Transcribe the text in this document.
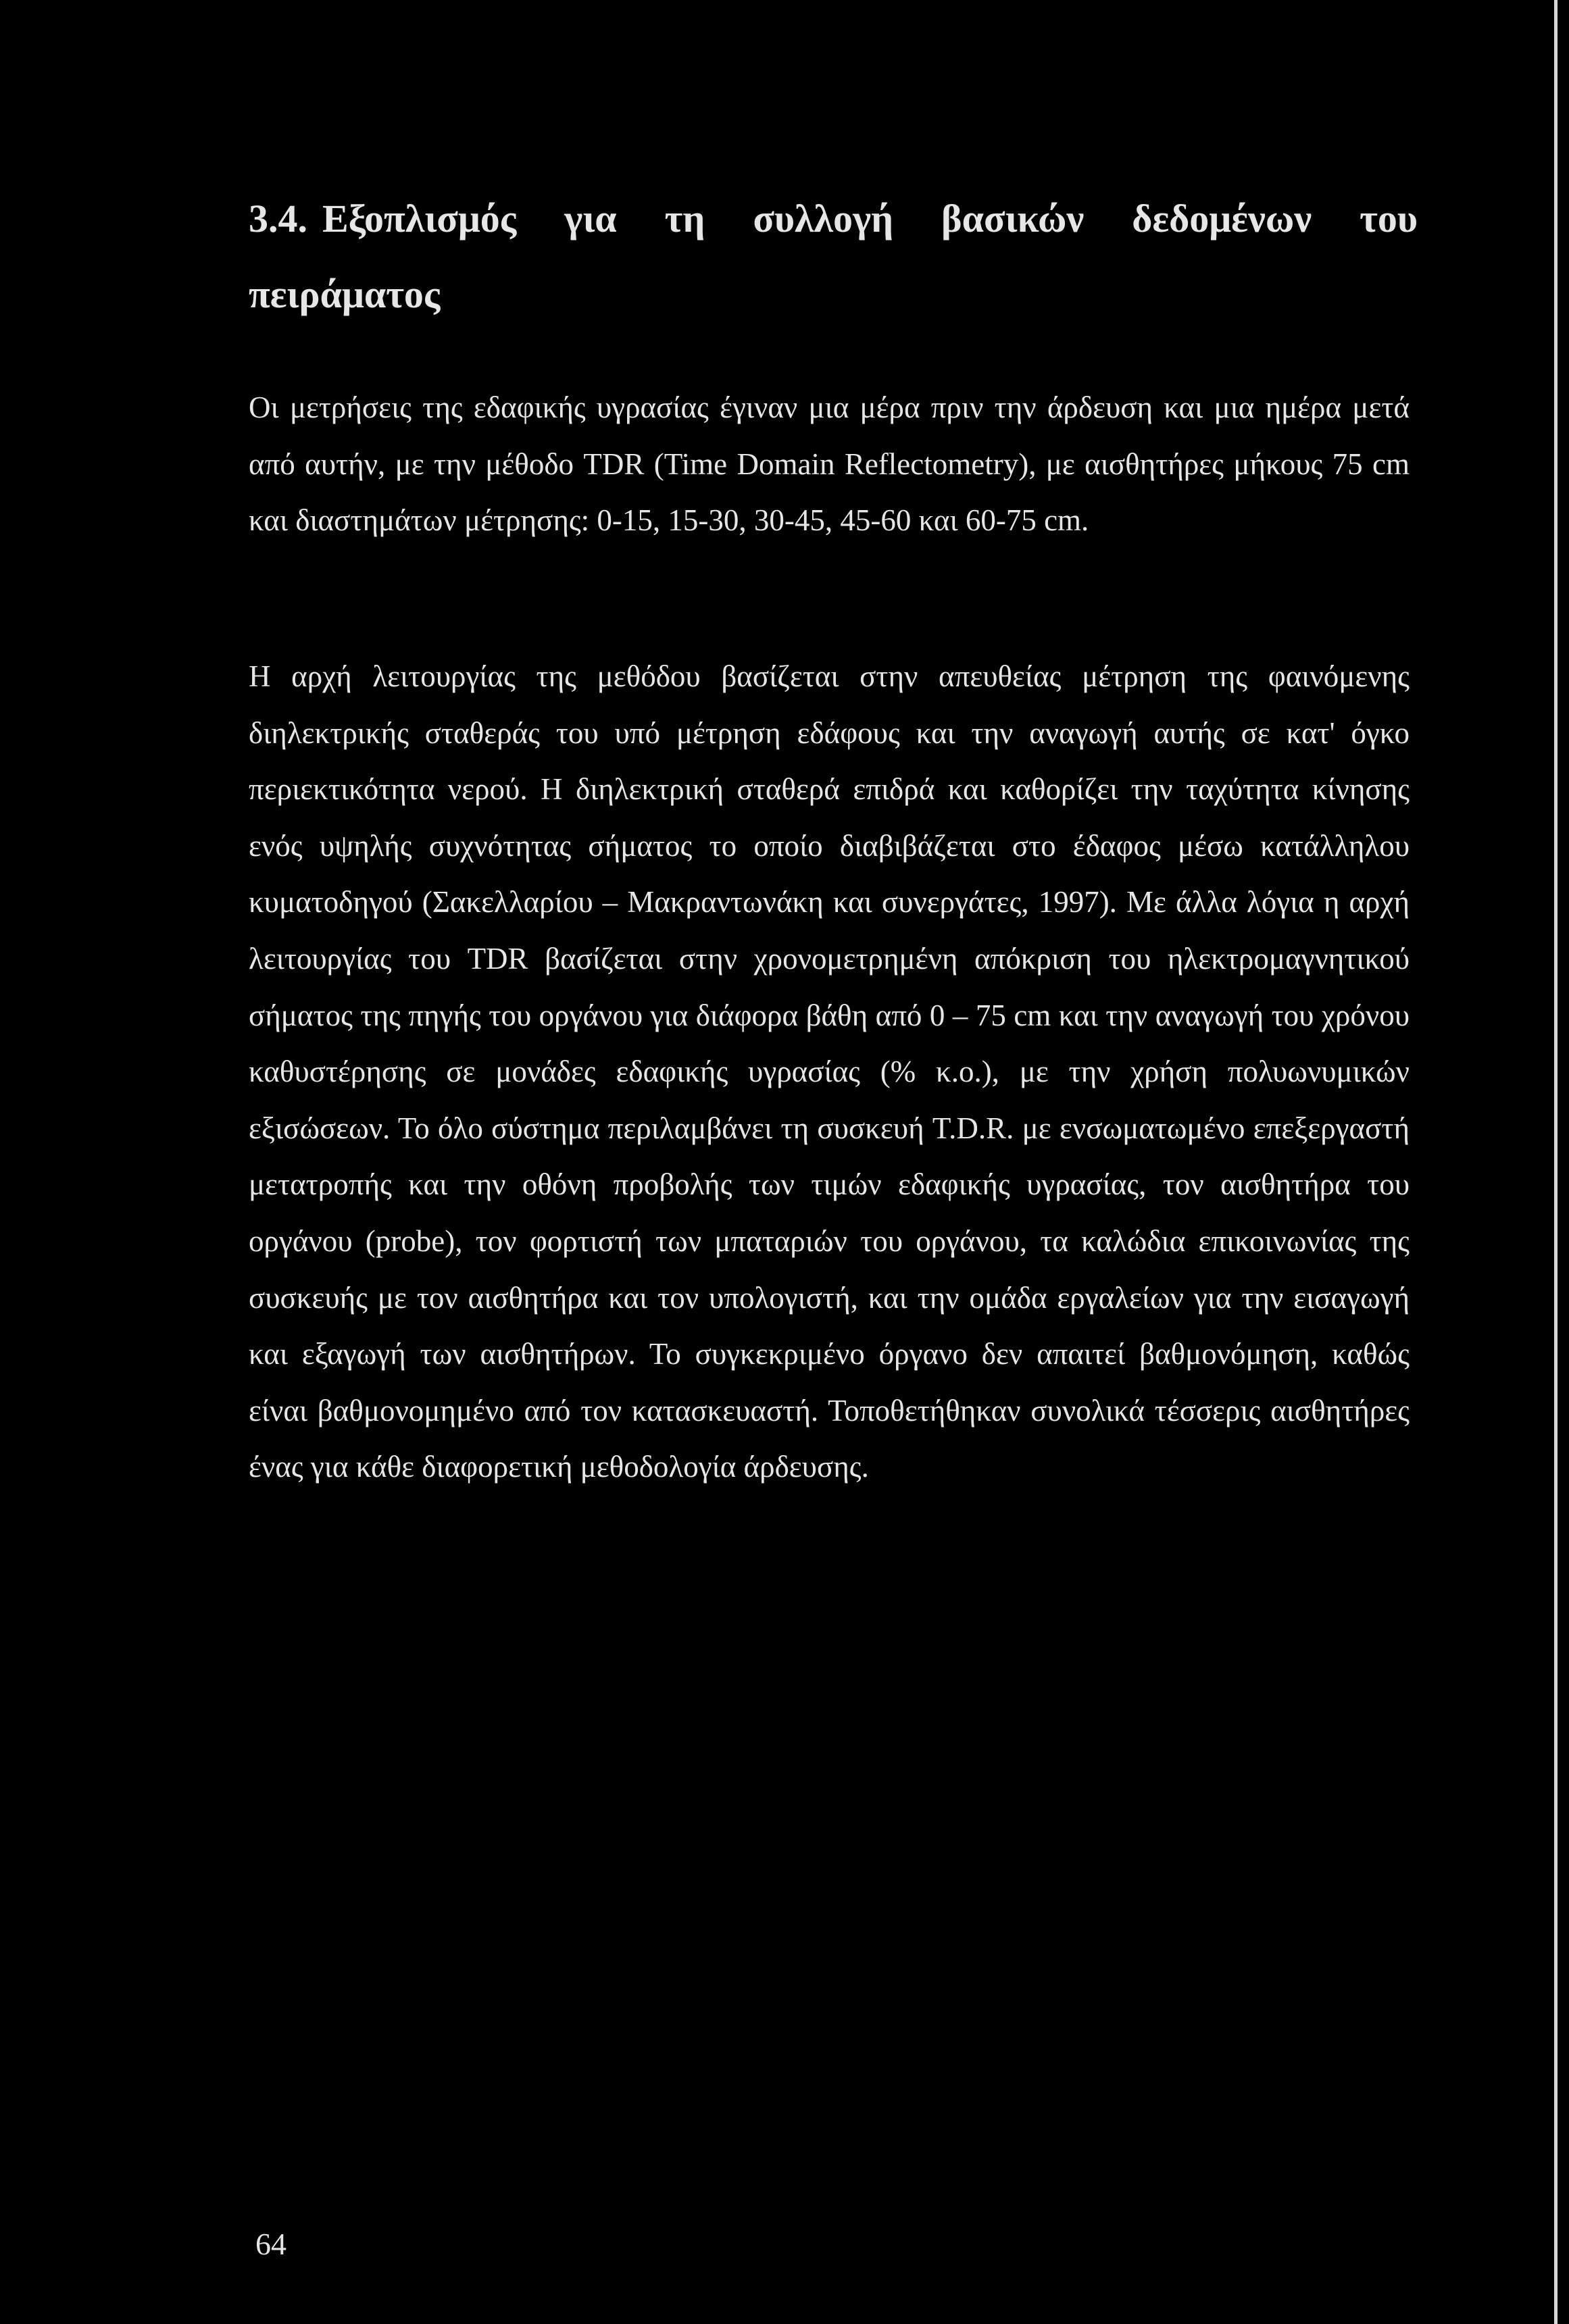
3.4. Εξοπλισμός για τη συλλογή βασικών δεδομένων του πειράματος

Οι μετρήσεις της εδαφικής υγρασίας έγιναν μια μέρα πριν την άρδευση και μια ημέρα μετά από αυτήν, με την μέθοδο TDR (Time Domain Reflectometry), με αισθητήρες μήκους 75 cm και διαστημάτων μέτρησης: 0-15, 15-30, 30-45, 45-60 και 60-75 cm.

Η αρχή λειτουργίας της μεθόδου βασίζεται στην απευθείας μέτρηση της φαινόμενης διηλεκτρικής σταθεράς του υπό μέτρηση εδάφους και την αναγωγή αυτής σε κατ' όγκο περιεκτικότητα νερού. Η διηλεκτρική σταθερά επιδρά και καθορίζει την ταχύτητα κίνησης ενός υψηλής συχνότητας σήματος το οποίο διαβιβάζεται στο έδαφος μέσω κατάλληλου κυματοδηγού (Σακελλαρίου – Μακραντωνάκη και συνεργάτες, 1997). Με άλλα λόγια η αρχή λειτουργίας του TDR βασίζεται στην χρονομετρημένη απόκριση του ηλεκτρομαγνητικού σήματος της πηγής του οργάνου για διάφορα βάθη από 0 – 75 cm και την αναγωγή του χρόνου καθυστέρησης σε μονάδες εδαφικής υγρασίας (% κ.ο.), με την χρήση πολυωνυμικών εξισώσεων. Το όλο σύστημα περιλαμβάνει τη συσκευή T.D.R. με ενσωματωμένο επεξεργαστή μετατροπής και την οθόνη προβολής των τιμών εδαφικής υγρασίας, τον αισθητήρα του οργάνου (probe), τον φορτιστή των μπαταριών του οργάνου, τα καλώδια επικοινωνίας της συσκευής με τον αισθητήρα και τον υπολογιστή, και την ομάδα εργαλείων για την εισαγωγή και εξαγωγή των αισθητήρων. Το συγκεκριμένο όργανο δεν απαιτεί βαθμονόμηση, καθώς είναι βαθμονομημένο από τον κατασκευαστή. Τοποθετήθηκαν συνολικά τέσσερις αισθητήρες ένας για κάθε διαφορετική μεθοδολογία άρδευσης.

64
